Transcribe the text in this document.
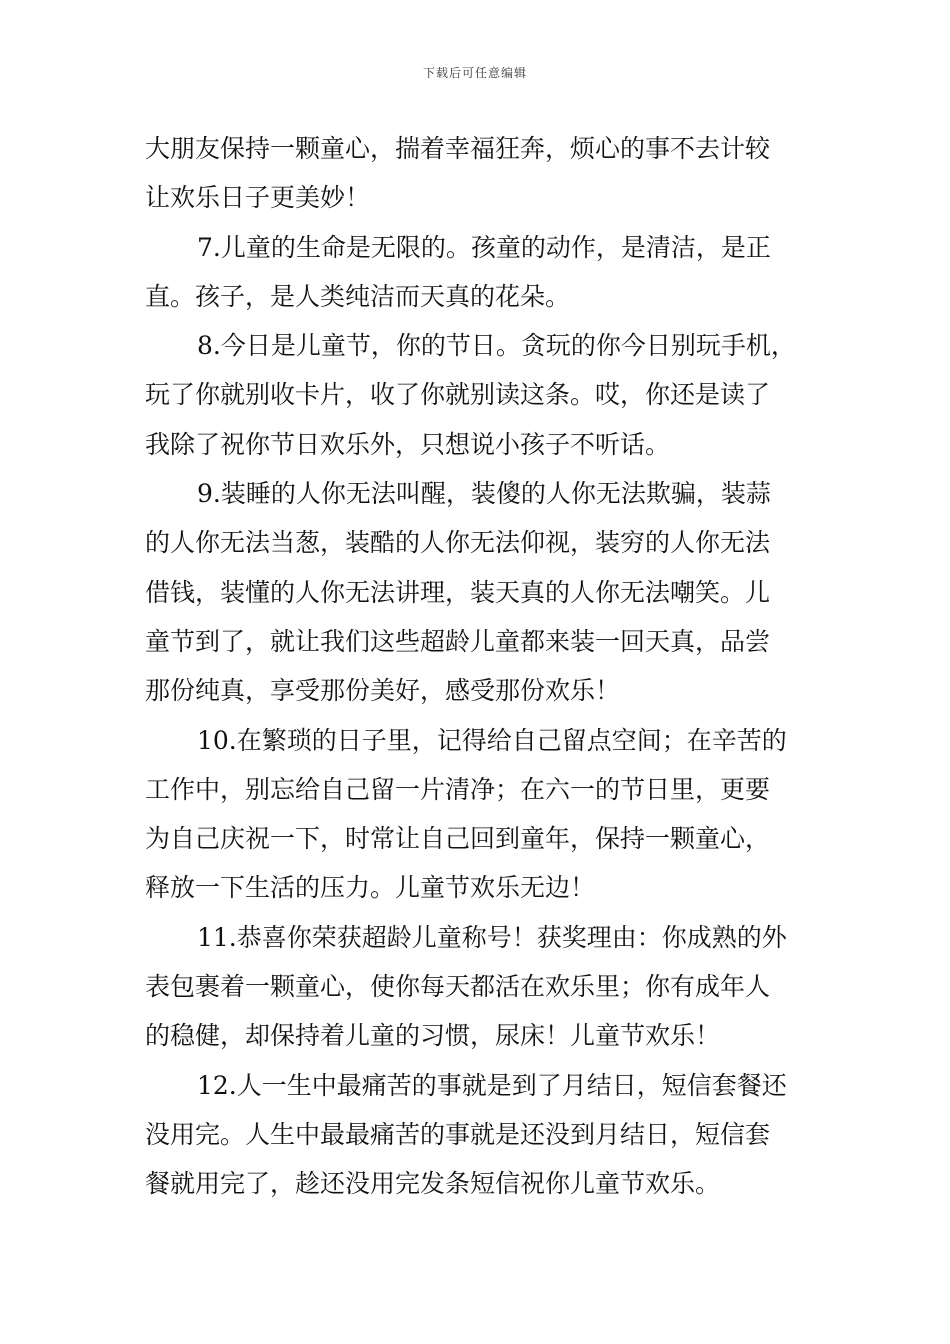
下载后可任意编辑
大朋友保持一颗童心，揣着幸福狂奔，烦心的事不去计较
让欢乐日子更美妙！
7.儿童的生命是无限的。孩童的动作，是清洁，是正
直。孩子，是人类纯洁而天真的花朵。
8.今日是儿童节，你的节日。贪玩的你今日别玩手机，
玩了你就别收卡片，收了你就别读这条。哎，你还是读了
我除了祝你节日欢乐外，只想说小孩子不听话。
9.装睡的人你无法叫醒，装傻的人你无法欺骗，装蒜
的人你无法当葱，装酷的人你无法仰视，装穷的人你无法
借钱，装懂的人你无法讲理，装天真的人你无法嘲笑。儿
童节到了，就让我们这些超龄儿童都来装一回天真，品尝
那份纯真，享受那份美好，感受那份欢乐！
10.在繁琐的日子里，记得给自己留点空间；在辛苦的
工作中，别忘给自己留一片清净；在六一的节日里，更要
为自己庆祝一下，时常让自己回到童年，保持一颗童心，
释放一下生活的压力。儿童节欢乐无边！
11.恭喜你荣获超龄儿童称号！获奖理由：你成熟的外
表包裹着一颗童心，使你每天都活在欢乐里；你有成年人
的稳健，却保持着儿童的习惯，尿床！儿童节欢乐！
12.人一生中最痛苦的事就是到了月结日，短信套餐还
没用完。人生中最最痛苦的事就是还没到月结日，短信套
餐就用完了，趁还没用完发条短信祝你儿童节欢乐。
